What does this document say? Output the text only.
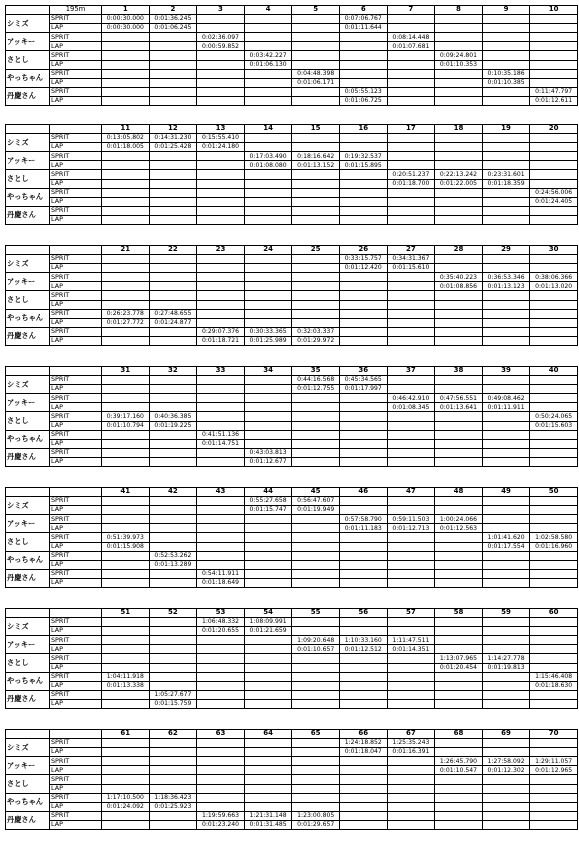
	195m	1	2	3	4	5	6	7	8	9	10
シミズ	SPRIT	0:00:30.000	0:01:36.245				0:07:06.767				
	LAP	0:00:30.000	0:01:06.245				0:01:11.644				
アッキー	SPRIT			0:02:36.097				0:08:14.448			
	LAP			0:00:59.852				0:01:07.681			
さとし	SPRIT				0:03:42.227				0:09:24.801		
	LAP				0:01:06.130				0:01:10.353		
やっちゃん	SPRIT					0:04:48.398				0:10:35.186	
	LAP					0:01:06.171				0:01:10.385	
丹慶さん	SPRIT						0:05:55.123				0:11:47.797
	LAP						0:01:06.725				0:01:12.611
		11	12	13	14	15	16	17	18	19	20
シミズ	SPRIT	0:13:05.802	0:14:31.230	0:15:55.410							
	LAP	0:01:18.005	0:01:25.428	0:01:24.180							
アッキー	SPRIT				0:17:03.490	0:18:16.642	0:19:32.537				
	LAP				0:01:08.080	0:01:13.152	0:01:15.895				
さとし	SPRIT							0:20:51.237	0:22:13.242	0:23:31.601	
	LAP							0:01:18.700	0:01:22.005	0:01:18.359	
やっちゃん	SPRIT										0:24:56.006
	LAP										0:01:24.405
丹慶さん	SPRIT										
	LAP										
		21	22	23	24	25	26	27	28	29	30
シミズ	SPRIT						0:33:15.757	0:34:31.367			
	LAP						0:01:12.420	0:01:15.610			
アッキー	SPRIT								0:35:40.223	0:36:53.346	0:38:06.366
	LAP								0:01:08.856	0:01:13.123	0:01:13.020
さとし	SPRIT										
	LAP										
やっちゃん	SPRIT	0:26:23.778	0:27:48.655								
	LAP	0:01:27.772	0:01:24.877								
丹慶さん	SPRIT			0:29:07.376	0:30:33.365	0:32:03.337					
	LAP			0:01:18.721	0:01:25.989	0:01:29.972					
		31	32	33	34	35	36	37	38	39	40
シミズ	SPRIT					0:44:16.568	0:45:34.565				
	LAP					0:01:12.755	0:01:17.997				
アッキー	SPRIT							0:46:42.910	0:47:56.551	0:49:08.462	
	LAP							0:01:08.345	0:01:13.641	0:01:11.911	
さとし	SPRIT	0:39:17.160	0:40:36.385								0:50:24.065
	LAP	0:01:10.794	0:01:19.225								0:01:15.603
やっちゃん	SPRIT			0:41:51.136							
	LAP			0:01:14.751							
丹慶さん	SPRIT				0:43:03.813						
	LAP				0:01:12.677						
		41	42	43	44	45	46	47	48	49	50
シミズ	SPRIT				0:55:27.658	0:56:47.607					
	LAP				0:01:15.747	0:01:19.949					
アッキー	SPRIT						0:57:58.790	0:59:11.503	1:00:24.066		
	LAP						0:01:11.183	0:01:12.713	0:01:12.563		
さとし	SPRIT	0:51:39.973								1:01:41.620	1:02:58.580
	LAP	0:01:15.908								0:01:17.554	0:01:16.960
やっちゃん	SPRIT		0:52:53.262								
	LAP		0:01:13.289								
丹慶さん	SPRIT			0:54:11.911							
	LAP			0:01:18.649							
		51	52	53	54	55	56	57	58	59	60
シミズ	SPRIT			1:06:48.332	1:08:09.991						
	LAP			0:01:20.655	0:01:21.659						
アッキー	SPRIT					1:09:20.648	1:10:33.160	1:11:47.511			
	LAP					0:01:10.657	0:01:12.512	0:01:14.351			
さとし	SPRIT								1:13:07.965	1:14:27.778	
	LAP								0:01:20.454	0:01:19.813	
やっちゃん	SPRIT	1:04:11.918									1:15:46.408
	LAP	0:01:13.338									0:01:18.630
丹慶さん	SPRIT		1:05:27.677								
	LAP		0:01:15.759								
		61	62	63	64	65	66	67	68	69	70
シミズ	SPRIT						1:24:18.852	1:25:35.243			
	LAP						0:01:18.047	0:01:16.391			
アッキー	SPRIT								1:26:45.790	1:27:58.092	1:29:11.057
	LAP								0:01:10.547	0:01:12.302	0:01:12.965
さとし	SPRIT										
	LAP										
やっちゃん	SPRIT	1:17:10.500	1:18:36.423								
	LAP	0:01:24.092	0:01:25.923								
丹慶さん	SPRIT			1:19:59.663	1:21:31.148	1:23:00.805					
	LAP			0:01:23.240	0:01:31.485	0:01:29.657					
